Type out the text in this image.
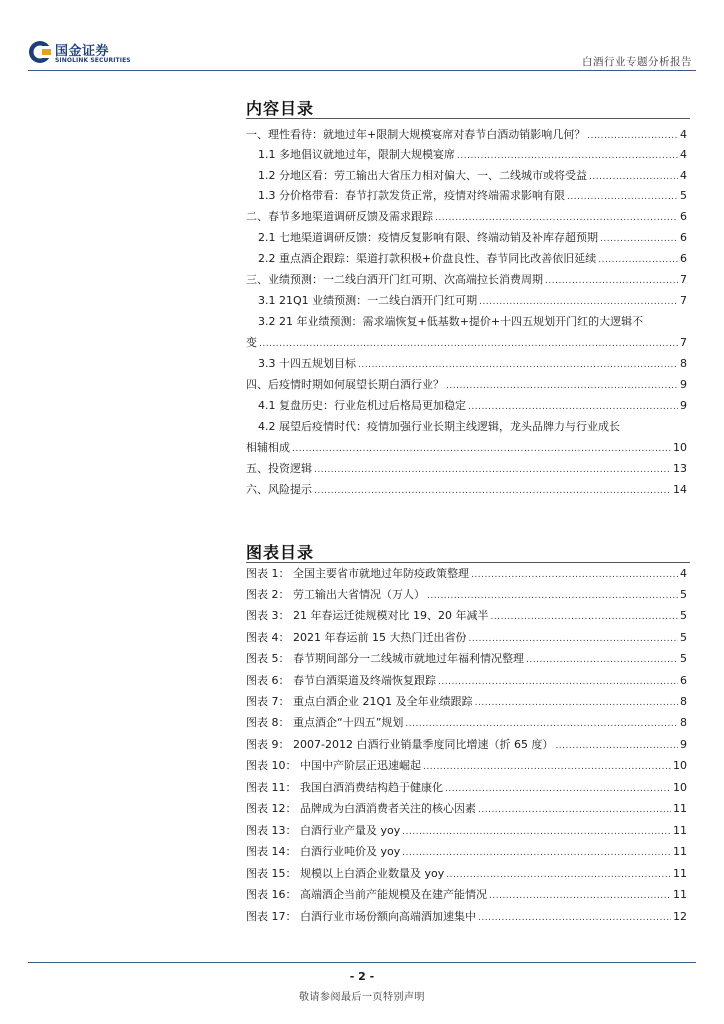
国金证券
SINOLINK SECURITIES	白酒行业专题分析报告
内容目录
一、理性看待：就地过年+限制大规模宴席对春节白酒动销影响几何？ .....	4
1.1 多地倡议就地过年，限制大规模宴席 .....	4
1.2 分地区看：劳工输出大省压力相对偏大、一、二线城市或将受益 .....	4
1.3 分价格带看：春节打款发货正常，疫情对终端需求影响有限 .....	5
二、春节多地渠道调研反馈及需求跟踪 .....	6
2.1 七地渠道调研反馈：疫情反复影响有限、终端动销及补库存超预期 .....	6
2.2 重点酒企跟踪：渠道打款积极+价盘良性、春节同比改善依旧延续 .....	6
三、业绩预测：一二线白酒开门红可期、次高端拉长消费周期 .....	7
3.1 21Q1 业绩预测：一二线白酒开门红可期 .....	7
3.2 21 年业绩预测：需求端恢复+低基数+提价+十四五规划开门红的大逻辑不
变 .....	7
3.3 十四五规划目标 .....	8
四、后疫情时期如何展望长期白酒行业？ .....	9
4.1 复盘历史：行业危机过后格局更加稳定 .....	9
4.2 展望后疫情时代：疫情加强行业长期主线逻辑，龙头品牌力与行业成长
相辅相成 .....	10
五、投资逻辑 .....	13
六、风险提示 .....	14
图表目录
图表 1： 全国主要省市就地过年防疫政策整理 .....	4
图表 2： 劳工输出大省情况（万人） .....	5
图表 3： 21 年春运迁徙规模对比 19、20 年减半 .....	5
图表 4： 2021 年春运前 15 大热门迁出省份 .....	5
图表 5： 春节期间部分一二线城市就地过年福利情况整理 .....	5
图表 6： 春节白酒渠道及终端恢复跟踪 .....	6
图表 7： 重点白酒企业 21Q1 及全年业绩跟踪 .....	8
图表 8： 重点酒企“十四五”规划 .....	8
图表 9： 2007-2012 白酒行业销量季度同比增速（折 65 度） .....	9
图表 10： 中国中产阶层正迅速崛起 .....	10
图表 11： 我国白酒消费结构趋于健康化 .....	10
图表 12： 品牌成为白酒消费者关注的核心因素 .....	11
图表 13： 白酒行业产量及 yoy .....	11
图表 14： 白酒行业吨价及 yoy .....	11
图表 15： 规模以上白酒企业数量及 yoy .....	11
图表 16： 高端酒企当前产能规模及在建产能情况 .....	11
图表 17： 白酒行业市场份额向高端酒加速集中 .....	12
- 2 -
敬请参阅最后一页特别声明
